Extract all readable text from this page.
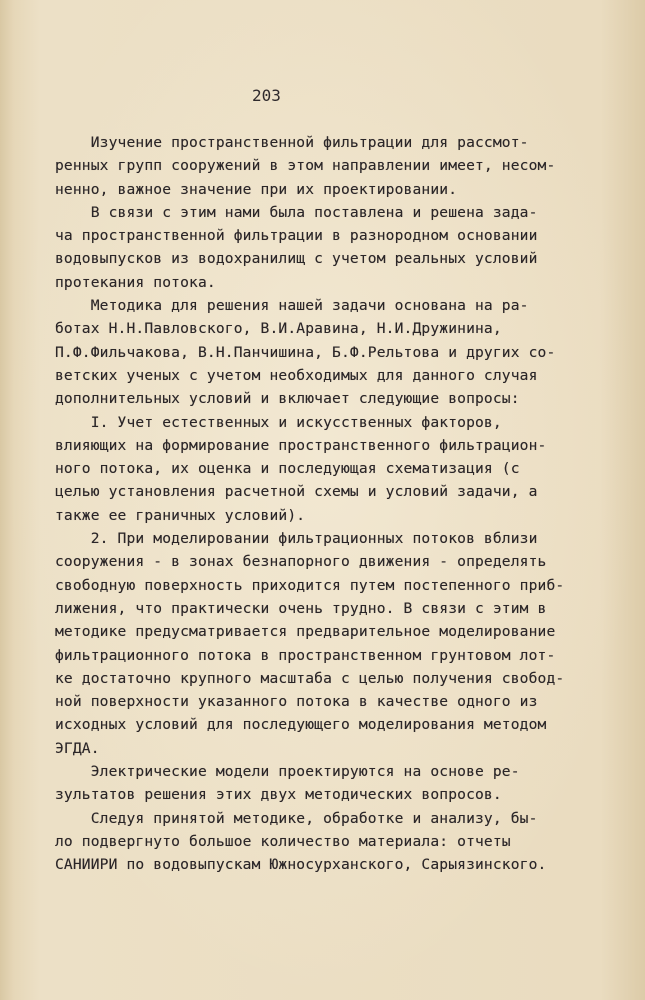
203
Изучение пространственной фильтрации для рассмот-
ренных групп сооружений в этом направлении имеет, несом-
ненно, важное значение при их проектировании.
В связи с этим нами была поставлена и решена зада-
ча пространственной фильтрации в разнородном основании
водовыпусков из водохранилищ с учетом реальных условий
протекания потока.
Методика для решения нашей задачи основана на ра-
ботах Н.Н.Павловского, В.И.Аравина, Н.И.Дружинина,
П.Ф.Фильчакова, В.Н.Панчишина, Б.Ф.Рельтова и других со-
ветских ученых с учетом необходимых для данного случая
дополнительных условий и включает следующие вопросы:
I. Учет естественных и искусственных факторов,
влияющих на формирование пространственного фильтрацион-
ного потока, их оценка и последующая схематизация (с
целью установления расчетной схемы и условий задачи, а
также ее граничных условий).
2. При моделировании фильтрационных потоков вблизи
сооружения - в зонах безнапорного движения - определять
свободную поверхность приходится путем постепенного приб-
лижения, что практически очень трудно. В связи с этим в
методике предусматривается предварительное моделирование
фильтрационного потока в пространственном грунтовом лот-
ке достаточно крупного масштаба с целью получения свобод-
ной поверхности указанного потока в качестве одного из
исходных условий для последующего моделирования методом
ЭГДА.
Электрические модели проектируются на основе ре-
зультатов решения этих двух методических вопросов.
Следуя принятой методике, обработке и анализу, бы-
ло подвергнуто большое количество материала: отчеты
САНИИРИ по водовыпускам Южносурханского, Сарыязинского.
